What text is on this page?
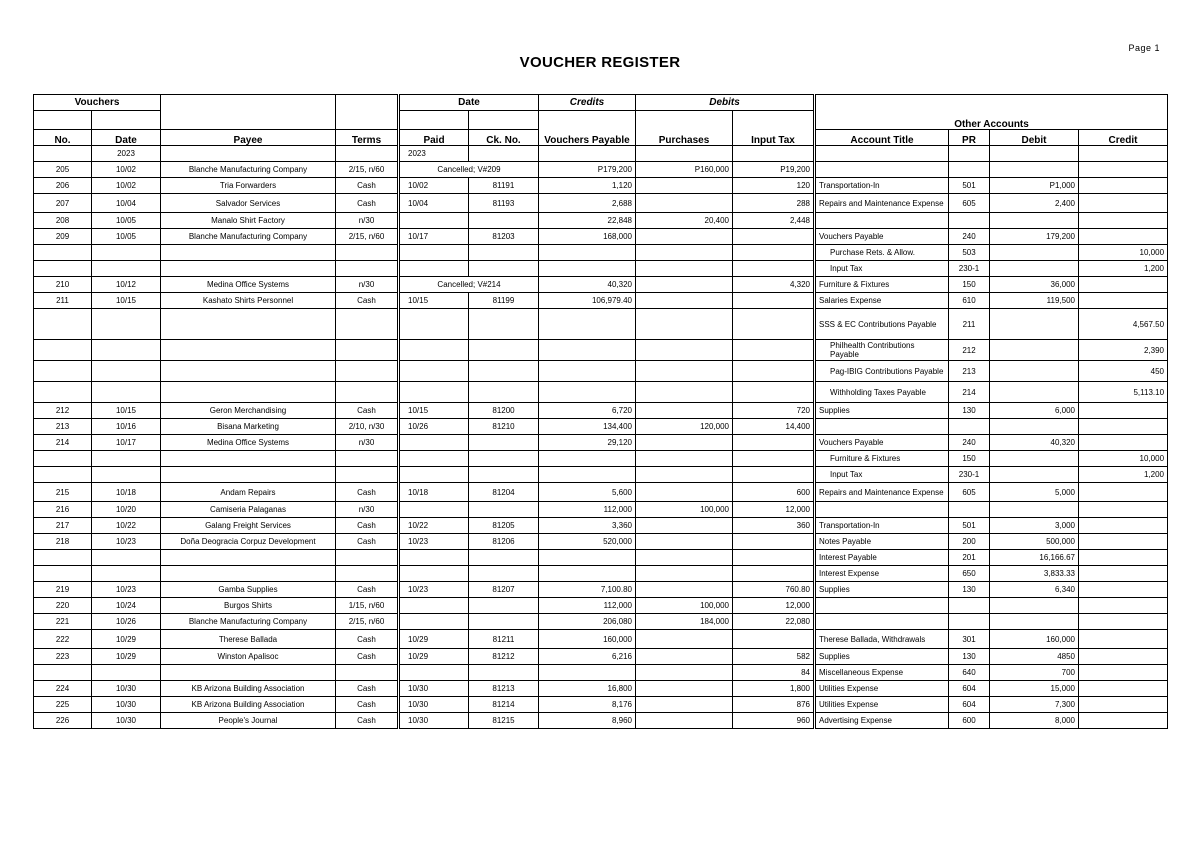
Page 1
VOUCHER REGISTER
Vouchers				Date		Credits	Debits		Other Accounts			
						Vouchers Payable	Purchases	Input Tax				
No.	Date	Payee	Terms	Paid	Ck. No.				Account Title	PR	Debit	Credit
	2023			2023								
205	10/02	Blanche Manufacturing Company	2/15, n/60	Cancelled; V#209		P179,200	P160,000	P19,200				
206	10/02	Tria Forwarders	Cash	10/02	81191	1,120		120	Transportation-In	501	P1,000	
207	10/04	Salvador Services	Cash	10/04	81193	2,688		288	Repairs and Maintenance Expense	605	2,400	
208	10/05	Manalo Shirt Factory	n/30			22,848	20,400	2,448				
209	10/05	Blanche Manufacturing Company	2/15, n/60	10/17	81203	168,000			Vouchers Payable	240	179,200	
									Purchase Rets. & Allow.	503		10,000
									Input Tax	230-1		1,200
210	10/12	Medina Office Systems	n/30	Cancelled; V#214		40,320		4,320	Furniture & Fixtures	150	36,000	
211	10/15	Kashato Shirts Personnel	Cash	10/15	81199	106,979.40			Salaries Expense	610	119,500	
									SSS & EC Contributions Payable	211		4,567.50
									Philhealth Contributions Payable	212		2,390
									Pag-IBIG Contributions Payable	213		450
									Withholding Taxes Payable	214		5,113.10
212	10/15	Geron Merchandising	Cash	10/15	81200	6,720		720	Supplies	130	6,000	
213	10/16	Bisana Marketing	2/10, n/30	10/26	81210	134,400	120,000	14,400				
214	10/17	Medina Office Systems	n/30			29,120			Vouchers Payable	240	40,320	
									Furniture & Fixtures	150		10,000
									Input Tax	230-1		1,200
215	10/18	Andam Repairs	Cash	10/18	81204	5,600		600	Repairs and Maintenance Expense	605	5,000	
216	10/20	Camiseria Palaganas	n/30			112,000	100,000	12,000				
217	10/22	Galang Freight Services	Cash	10/22	81205	3,360		360	Transportation-In	501	3,000	
218	10/23	Doña Deogracia Corpuz Development	Cash	10/23	81206	520,000			Notes Payable	200	500,000	
									Interest Payable	201	16,166.67	
									Interest Expense	650	3,833.33	
219	10/23	Gamba Supplies	Cash	10/23	81207	7,100.80		760.80	Supplies	130	6,340	
220	10/24	Burgos Shirts	1/15, n/60			112,000	100,000	12,000				
221	10/26	Blanche Manufacturing Company	2/15, n/60			206,080	184,000	22,080				
222	10/29	Therese Ballada	Cash	10/29	81211	160,000			Therese Ballada, Withdrawals	301	160,000	
223	10/29	Winston Apalisoc	Cash	10/29	81212	6,216		582	Supplies	130	4850	
								84	Miscellaneous Expense	640	700	
224	10/30	KB Arizona Building Association	Cash	10/30	81213	16,800		1,800	Utilities Expense	604	15,000	
225	10/30	KB Arizona Building Association	Cash	10/30	81214	8,176		876	Utilities Expense	604	7,300	
226	10/30	People's Journal	Cash	10/30	81215	8,960		960	Advertising Expense	600	8,000	
